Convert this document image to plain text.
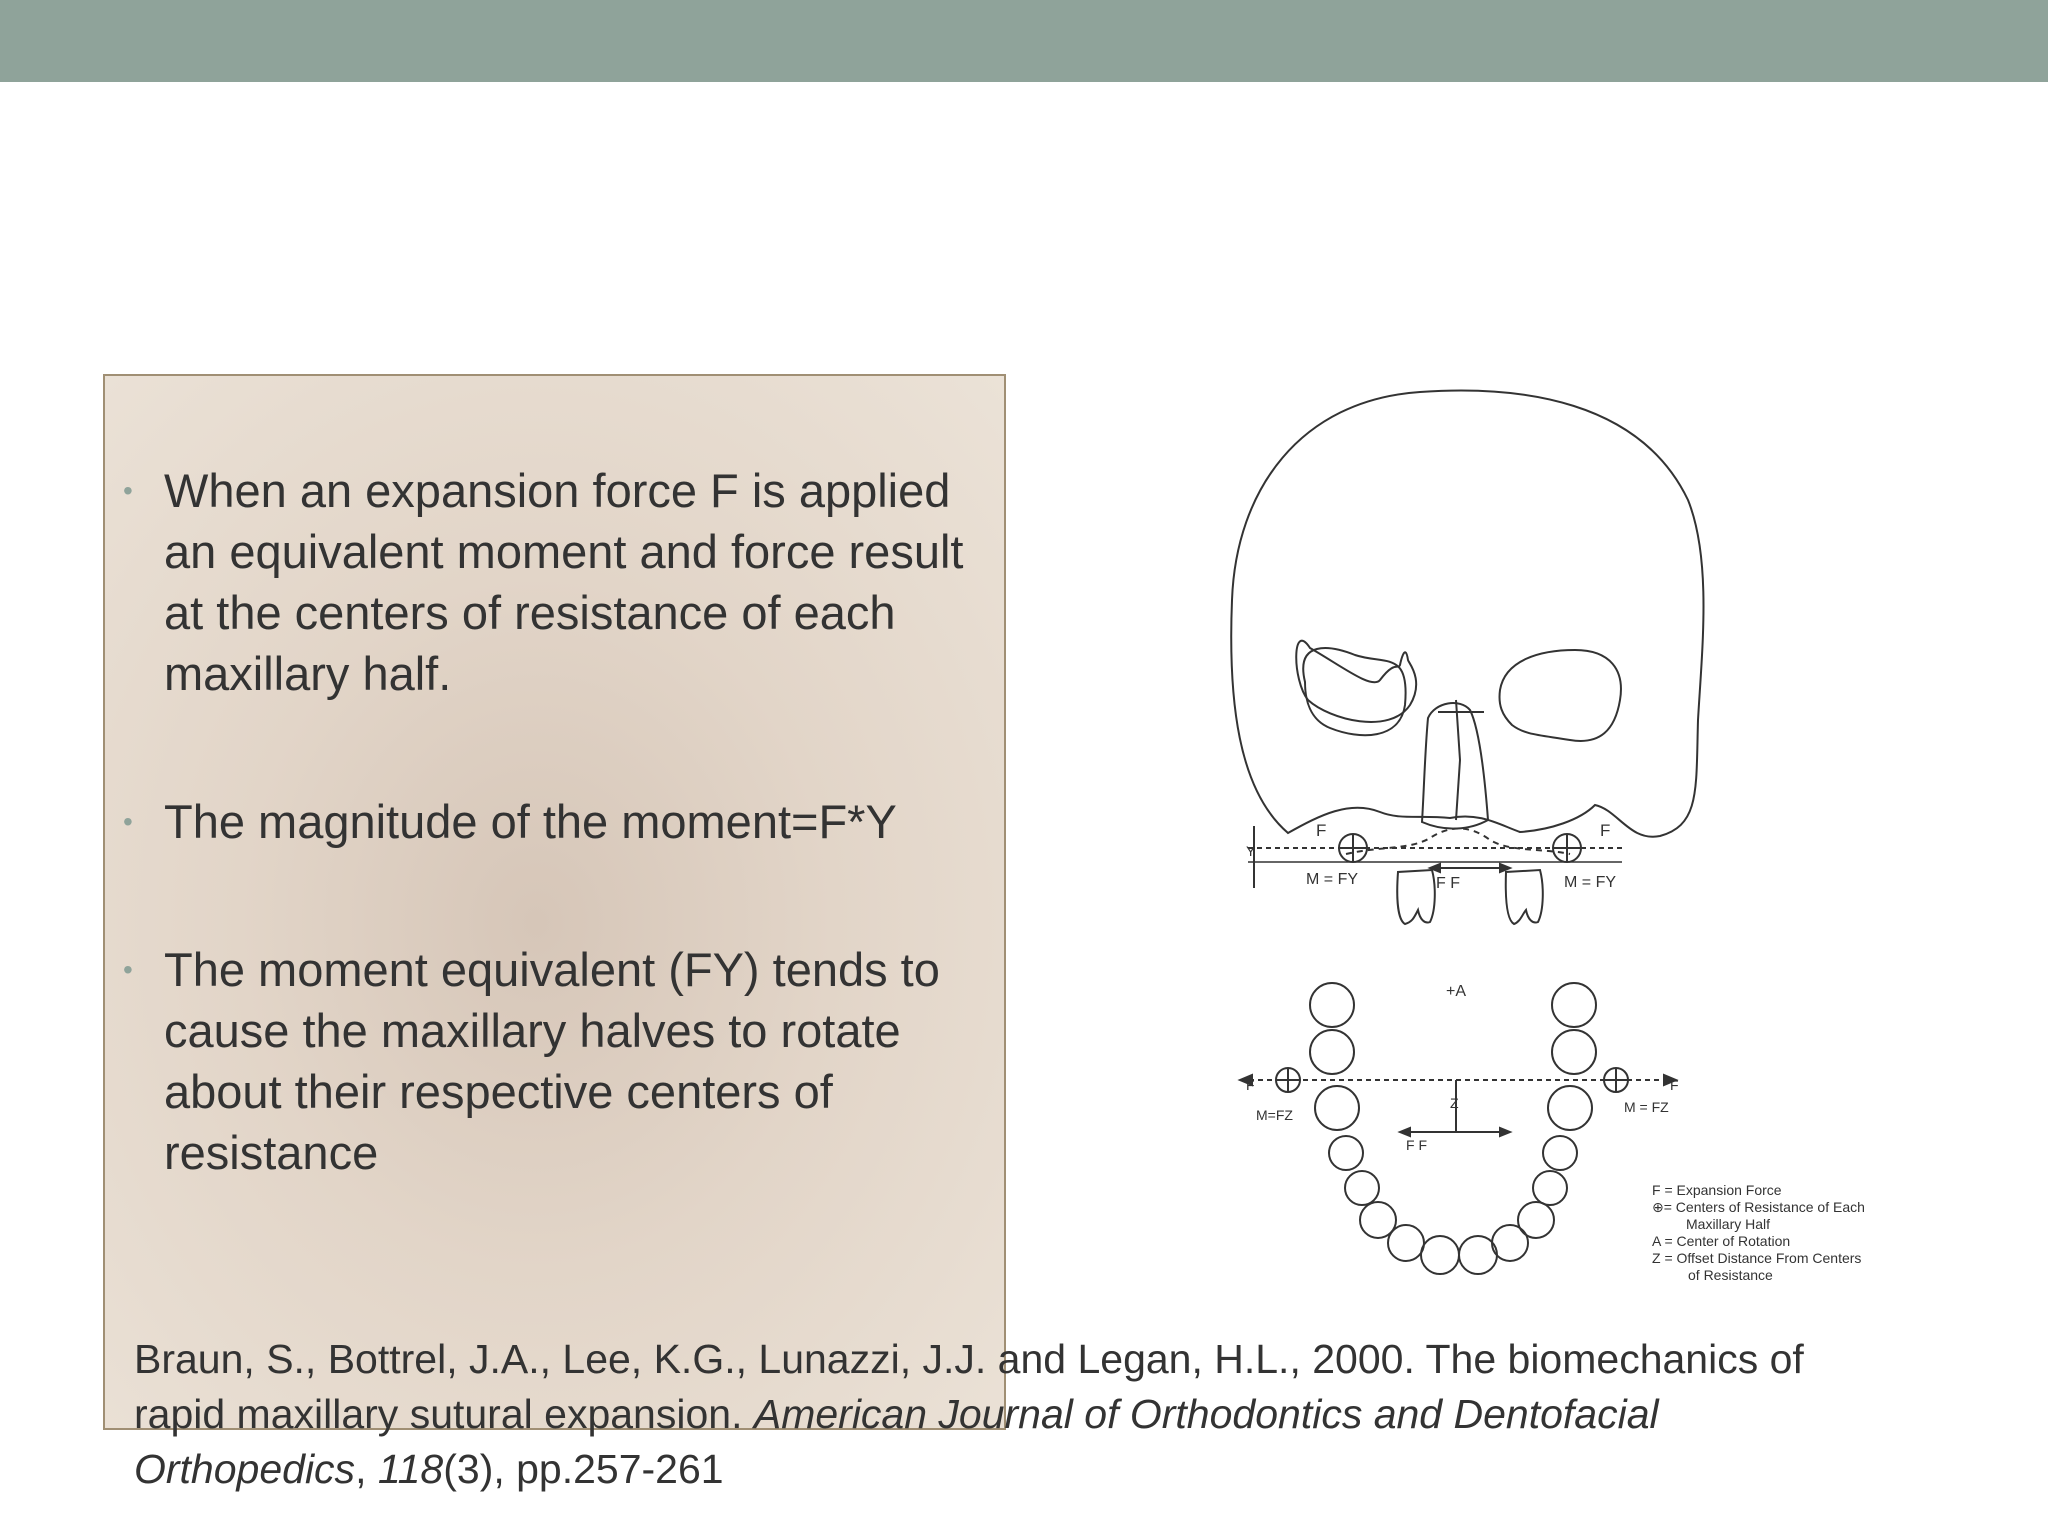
• When an expansion force F is applied an equivalent moment and force result at the centers of resistance of each maxillary half.
• The magnitude of the moment=F*Y
• The moment equivalent (FY) tends to cause the maxillary halves to rotate about their respective centers of resistance
F	F
Y
M = FY	M = FY
F F
+A
F	F
M=FZ	M = FZ
Z
F F
F = Expansion Force
⊕= Centers of Resistance of Each
Maxillary Half
A = Center of Rotation
Z = Offset Distance From Centers
of Resistance
Braun, S., Bottrel, J.A., Lee, K.G., Lunazzi, J.J. and Legan, H.L., 2000. The biomechanics of rapid maxillary sutural expansion. American Journal of Orthodontics and Dentofacial Orthopedics, 118(3), pp.257-261
